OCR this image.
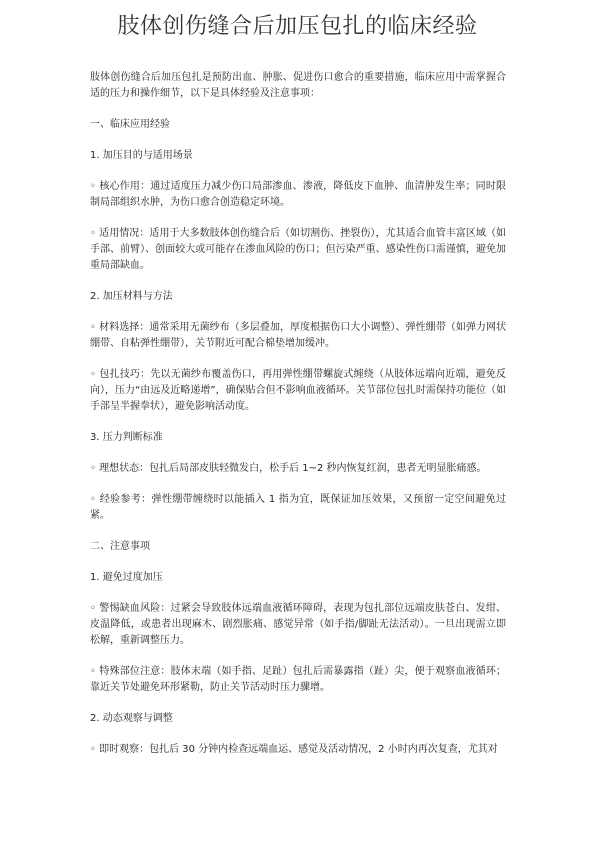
肢体创伤缝合后加压包扎的临床经验

肢体创伤缝合后加压包扎是预防出血、肿胀、促进伤口愈合的重要措施，临床应用中需掌握合适的压力和操作细节，以下是具体经验及注意事项：

一、临床应用经验

1. 加压目的与适用场景

◦ 核心作用：通过适度压力减少伤口局部渗血、渗液，降低皮下血肿、血清肿发生率；同时限制局部组织水肿，为伤口愈合创造稳定环境。

◦ 适用情况：适用于大多数肢体创伤缝合后（如切割伤、挫裂伤），尤其适合血管丰富区域（如手部、前臂）、创面较大或可能存在渗血风险的伤口；但污染严重、感染性伤口需谨慎，避免加重局部缺血。

2. 加压材料与方法

◦ 材料选择：通常采用无菌纱布（多层叠加，厚度根据伤口大小调整）、弹性绷带（如弹力网状绷带、自粘弹性绷带），关节附近可配合棉垫增加缓冲。

◦ 包扎技巧：先以无菌纱布覆盖伤口，再用弹性绷带螺旋式缠绕（从肢体远端向近端，避免反向），压力“由远及近略递增”，确保贴合但不影响血液循环。关节部位包扎时需保持功能位（如手部呈半握拳状），避免影响活动度。

3. 压力判断标准

◦ 理想状态：包扎后局部皮肤轻微发白，松手后 1~2 秒内恢复红润，患者无明显胀痛感。

◦ 经验参考：弹性绷带缠绕时以能插入 1 指为宜，既保证加压效果，又预留一定空间避免过紧。

二、注意事项

1. 避免过度加压

◦ 警惕缺血风险：过紧会导致肢体远端血液循环障碍，表现为包扎部位远端皮肤苍白、发绀、皮温降低，或患者出现麻木、剧烈胀痛、感觉异常（如手指/脚趾无法活动）。一旦出现需立即松解，重新调整压力。

◦ 特殊部位注意：肢体末端（如手指、足趾）包扎后需暴露指（趾）尖，便于观察血液循环；靠近关节处避免环形紧勒，防止关节活动时压力骤增。

2. 动态观察与调整

◦ 即时观察：包扎后 30 分钟内检查远端血运、感觉及活动情况，2 小时内再次复查，尤其对
